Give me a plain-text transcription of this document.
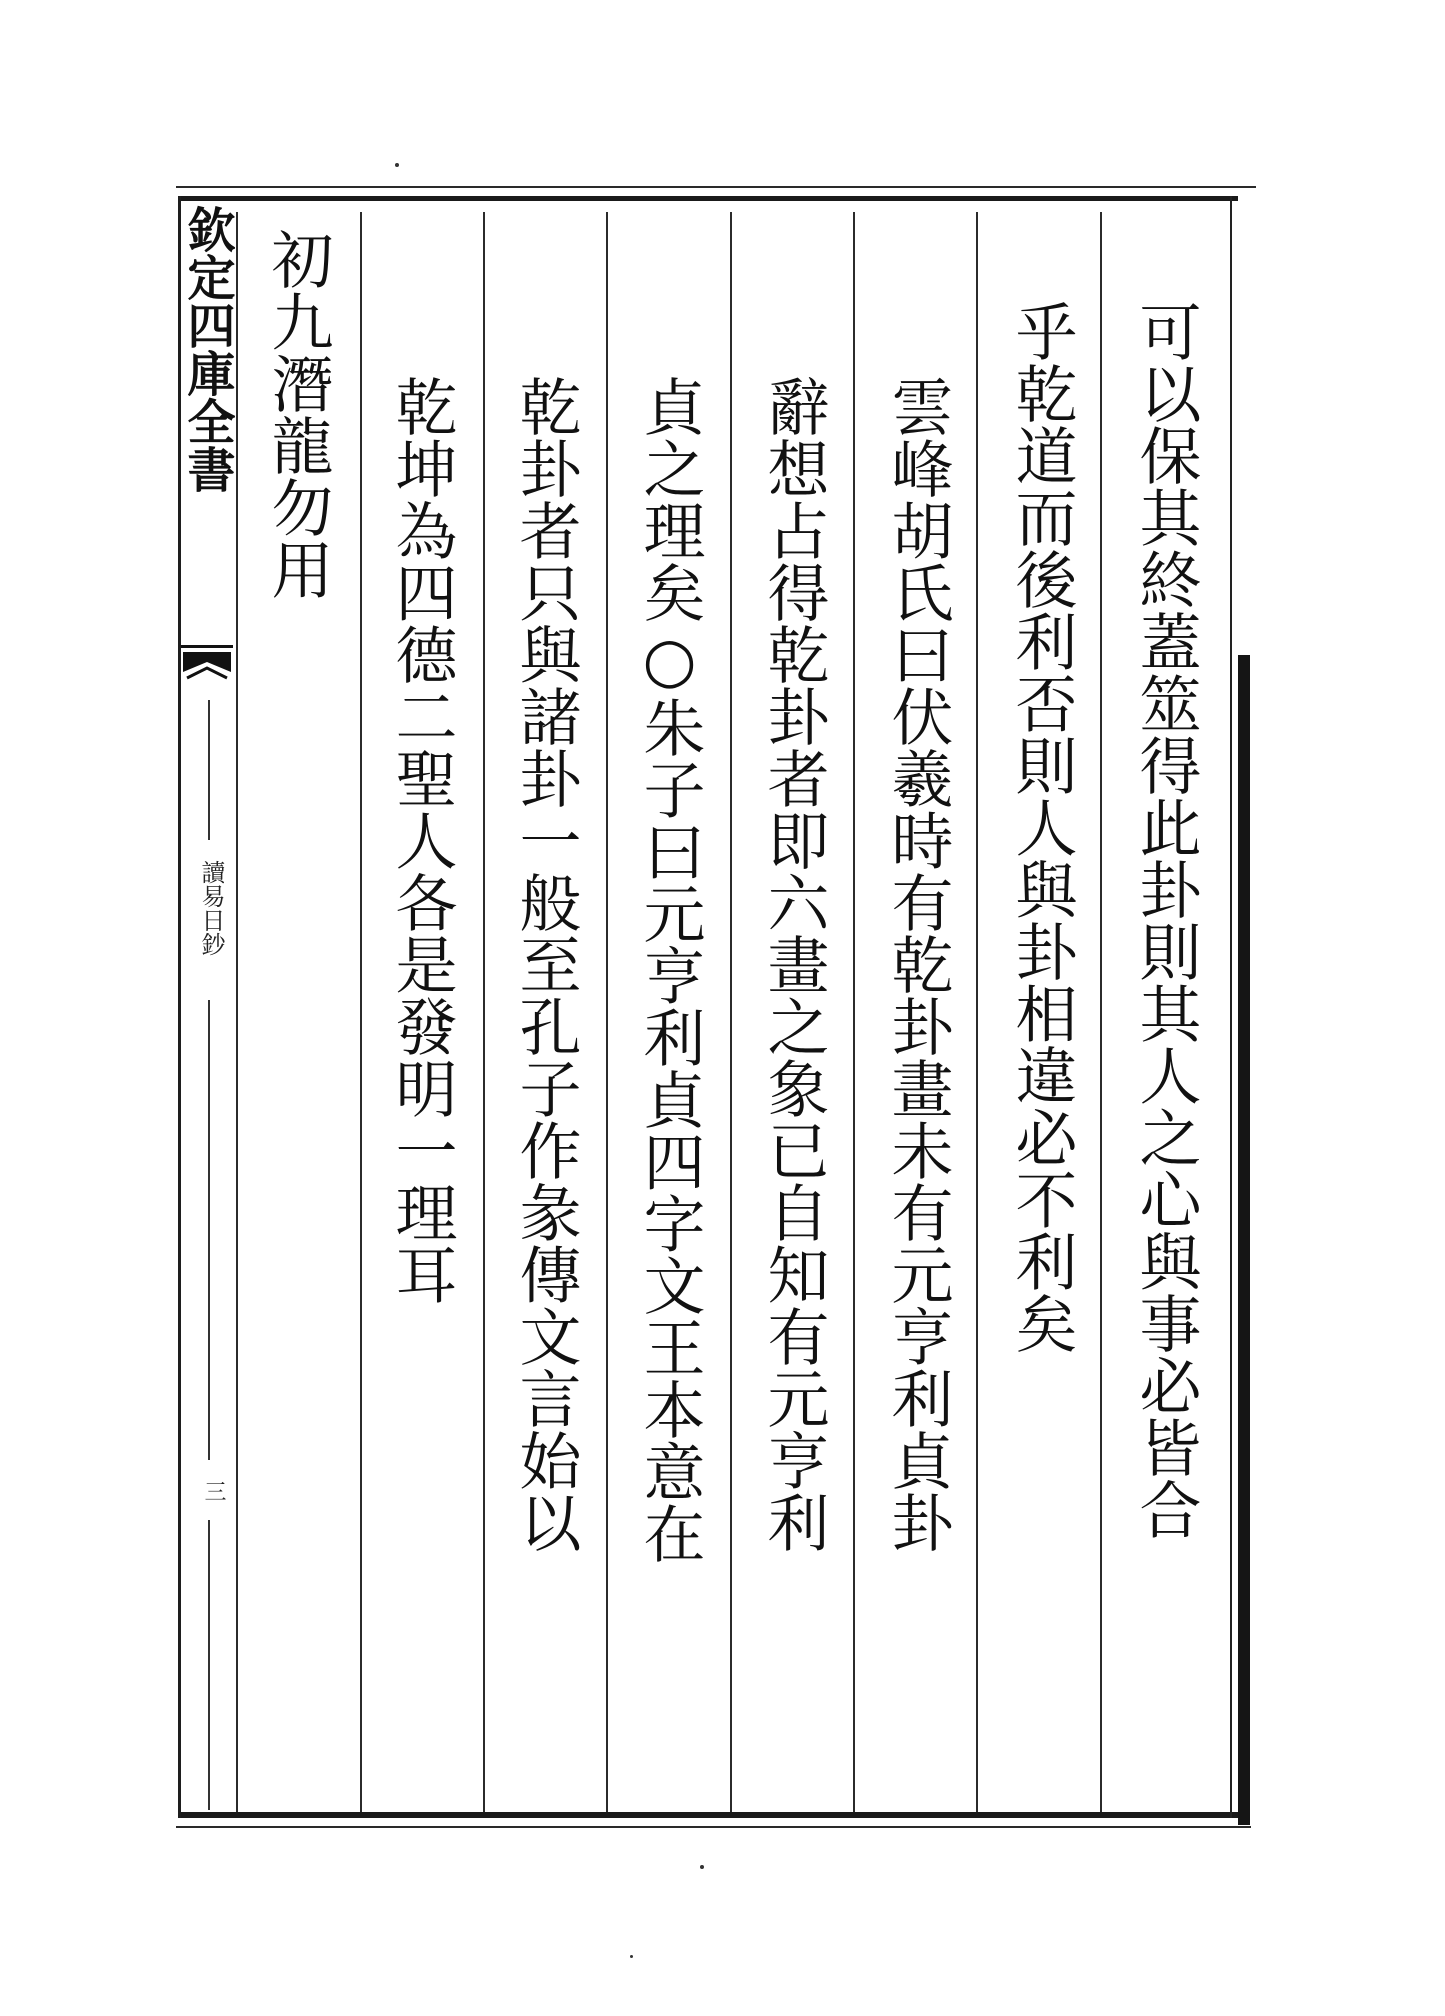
欽定四庫全書
讀易日鈔
三	可以保其終蓋筮得此卦則其人之心與事必皆合
乎乾道而後利否則人與卦相違必不利矣
雲峰胡氏曰伏羲時有乾卦畫未有元亨利貞卦
辭想占得乾卦者即六畫之象已自知有元亨利
貞之理矣○朱子曰元亨利貞四字文王本意在
乾卦者只與諸卦一般至孔子作彖傳文言始以
乾坤為四德二聖人各是發明一理耳
初九潛龍勿用
